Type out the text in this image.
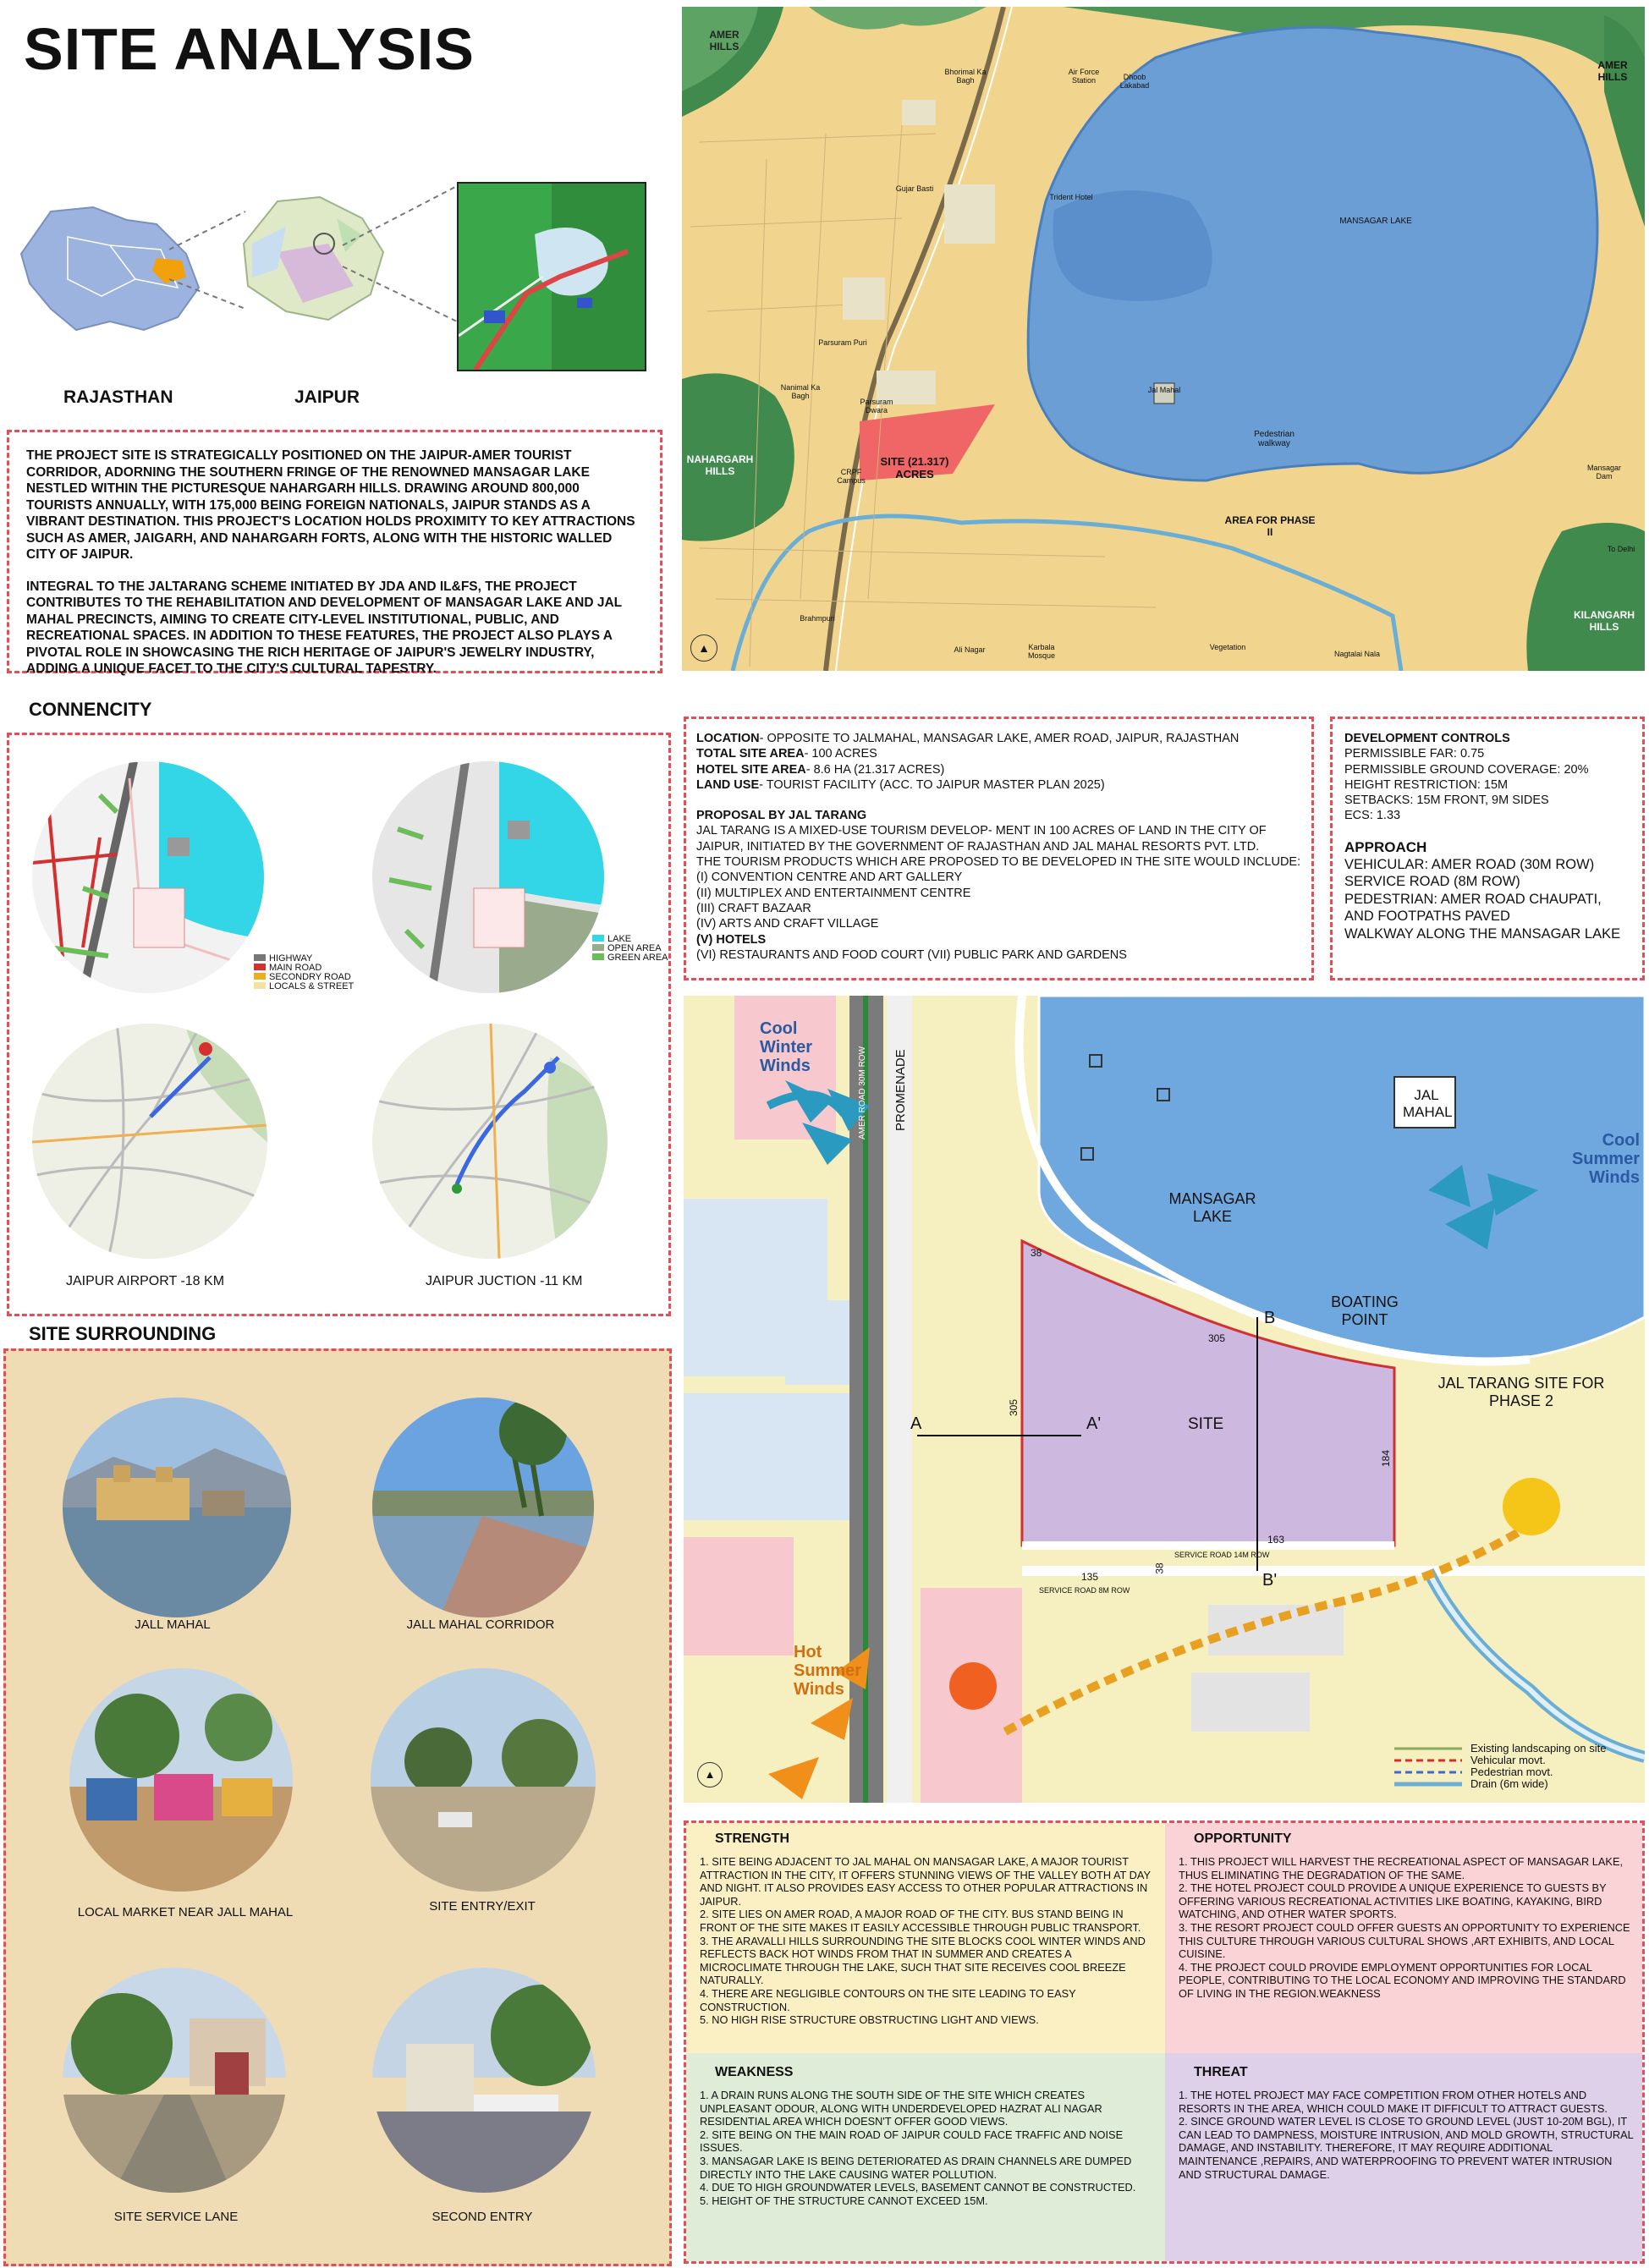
SITE ANALYSIS
RAJASTHAN	JAIPUR
THE PROJECT SITE IS STRATEGICALLY POSITIONED ON THE JAIPUR-AMER TOURIST CORRIDOR, ADORNING THE SOUTHERN FRINGE OF THE RENOWNED MANSAGAR LAKE NESTLED WITHIN THE PICTURESQUE NAHARGARH HILLS. DRAWING AROUND 800,000 TOURISTS ANNUALLY, WITH 175,000 BEING FOREIGN NATIONALS, JAIPUR STANDS AS A VIBRANT DESTINATION. THIS PROJECT'S LOCATION HOLDS PROXIMITY TO KEY ATTRACTIONS SUCH AS AMER, JAIGARH, AND NAHARGARH FORTS, ALONG WITH THE HISTORIC WALLED CITY OF JAIPUR.
INTEGRAL TO THE JALTARANG SCHEME INITIATED BY JDA AND IL&FS, THE PROJECT CONTRIBUTES TO THE REHABILITATION AND DEVELOPMENT OF MANSAGAR LAKE AND JAL MAHAL PRECINCTS, AIMING TO CREATE CITY-LEVEL INSTITUTIONAL, PUBLIC, AND RECREATIONAL SPACES. IN ADDITION TO THESE FEATURES, THE PROJECT ALSO PLAYS A PIVOTAL ROLE IN SHOWCASING THE RICH HERITAGE OF JAIPUR'S JEWELRY INDUSTRY, ADDING A UNIQUE FACET TO THE CITY'S CULTURAL TAPESTRY.
AMER HILLS
AMER HILLS
NAHARGARH HILLS
KILANGARH HILLS
MANSAGAR LAKE
Jal Mahal
SITE (21.317) ACRES
AREA FOR PHASE II
Pedestrian walkway
Bhorimal Ka Bagh
Air Force Station	Dhoob Lakabad
Gujar Basti
Trident Hotel
Parsuram Puri
Nanimal Ka Bagh
Parsuram Dwara
CRPF Campus
Brahmpuri
Ali Nagar	Karbala Mosque
Vegetation
Nagtalai Nala
Mansagar Dam
To Delhi
▲
CONNENCITY
HIGHWAY
MAIN ROAD
SECONDRY ROAD
LOCALS & STREET
LAKE
OPEN AREA
GREEN AREA
JAIPUR AIRPORT -18 KM	JAIPUR JUCTION -11 KM
SITE SURROUNDING
JALL MAHAL	JALL MAHAL CORRIDOR
LOCAL MARKET NEAR JALL MAHAL	SITE ENTRY/EXIT
SITE SERVICE LANE	SECOND ENTRY
LOCATION- OPPOSITE TO JALMAHAL, MANSAGAR LAKE, AMER ROAD, JAIPUR, RAJASTHAN
TOTAL SITE AREA- 100 ACRES
HOTEL SITE AREA- 8.6 HA (21.317 ACRES)
LAND USE- TOURIST FACILITY (ACC. TO JAIPUR MASTER PLAN 2025)
PROPOSAL BY JAL TARANG
JAL TARANG IS A MIXED-USE TOURISM DEVELOP- MENT IN 100 ACRES OF LAND IN THE CITY OF JAIPUR, INITIATED BY THE GOVERNMENT OF RAJASTHAN AND JAL MAHAL RESORTS PVT. LTD.
THE TOURISM PRODUCTS WHICH ARE PROPOSED TO BE DEVELOPED IN THE SITE WOULD INCLUDE:
(I) CONVENTION CENTRE AND ART GALLERY
(II) MULTIPLEX AND ENTERTAINMENT CENTRE
(III) CRAFT BAZAAR
(IV) ARTS AND CRAFT VILLAGE
(V) HOTELS
(VI) RESTAURANTS AND FOOD COURT (VII) PUBLIC PARK AND GARDENS
DEVELOPMENT CONTROLS
PERMISSIBLE FAR: 0.75
PERMISSIBLE GROUND COVERAGE: 20%
HEIGHT RESTRICTION: 15M
SETBACKS: 15M FRONT, 9M SIDES
ECS: 1.33
APPROACH
VEHICULAR: AMER ROAD (30M ROW)
SERVICE ROAD (8M ROW)
PEDESTRIAN: AMER ROAD CHAUPATI,
AND FOOTPATHS PAVED
WALKWAY ALONG THE MANSAGAR LAKE
Cool Winter Winds
Cool Summer Winds
Hot Summer Winds
JAL MAHAL
MANSAGAR LAKE
BOATING POINT
SITE
JAL TARANG SITE FOR PHASE 2
PROMENADE
AMER ROAD 30M ROW
SERVICE ROAD 14M ROW
SERVICE ROAD 8M ROW
305
305
184
163
135
38
38
A	A'
B
B'
▲
Existing landscaping on site
Vehicular movt.
Pedestrian movt.
Drain (6m wide)
STRENGTH
1. SITE BEING ADJACENT TO JAL MAHAL ON MANSAGAR LAKE, A MAJOR TOURIST ATTRACTION IN THE CITY, IT OFFERS STUNNING VIEWS OF THE VALLEY BOTH AT DAY AND NIGHT. IT ALSO PROVIDES EASY ACCESS TO OTHER POPULAR ATTRACTIONS IN JAIPUR.
2. SITE LIES ON AMER ROAD, A MAJOR ROAD OF THE CITY. BUS STAND BEING IN FRONT OF THE SITE MAKES IT EASILY ACCESSIBLE THROUGH PUBLIC TRANSPORT.
3. THE ARAVALLI HILLS SURROUNDING THE SITE BLOCKS COOL WINTER WINDS AND REFLECTS BACK HOT WINDS FROM THAT IN SUMMER AND CREATES A MICROCLIMATE THROUGH THE LAKE, SUCH THAT SITE RECEIVES COOL BREEZE NATURALLY.
4. THERE ARE NEGLIGIBLE CONTOURS ON THE SITE LEADING TO EASY CONSTRUCTION.
5. NO HIGH RISE STRUCTURE OBSTRUCTING LIGHT AND VIEWS.
OPPORTUNITY
1. THIS PROJECT WILL HARVEST THE RECREATIONAL ASPECT OF MANSAGAR LAKE, THUS ELIMINATING THE DEGRADATION OF THE SAME.
2. THE HOTEL PROJECT COULD PROVIDE A UNIQUE EXPERIENCE TO GUESTS BY OFFERING VARIOUS RECREATIONAL ACTIVITIES LIKE BOATING, KAYAKING, BIRD WATCHING, AND OTHER WATER SPORTS.
3. THE RESORT PROJECT COULD OFFER GUESTS AN OPPORTUNITY TO EXPERIENCE THIS CULTURE THROUGH VARIOUS CULTURAL SHOWS ,ART EXHIBITS, AND LOCAL CUISINE.
4. THE PROJECT COULD PROVIDE EMPLOYMENT OPPORTUNITIES FOR LOCAL PEOPLE, CONTRIBUTING TO THE LOCAL ECONOMY AND IMPROVING THE STANDARD OF LIVING IN THE REGION.WEAKNESS
WEAKNESS
1. A DRAIN RUNS ALONG THE SOUTH SIDE OF THE SITE WHICH CREATES UNPLEASANT ODOUR, ALONG WITH UNDERDEVELOPED HAZRAT ALI NAGAR RESIDENTIAL AREA WHICH DOESN'T OFFER GOOD VIEWS.
2. SITE BEING ON THE MAIN ROAD OF JAIPUR COULD FACE TRAFFIC AND NOISE ISSUES.
3. MANSAGAR LAKE IS BEING DETERIORATED AS DRAIN CHANNELS ARE DUMPED DIRECTLY INTO THE LAKE CAUSING WATER POLLUTION.
4. DUE TO HIGH GROUNDWATER LEVELS, BASEMENT CANNOT BE CONSTRUCTED.
5. HEIGHT OF THE STRUCTURE CANNOT EXCEED 15M.
THREAT
1. THE HOTEL PROJECT MAY FACE COMPETITION FROM OTHER HOTELS AND RESORTS IN THE AREA, WHICH COULD MAKE IT DIFFICULT TO ATTRACT GUESTS.
2. SINCE GROUND WATER LEVEL IS CLOSE TO GROUND LEVEL (JUST 10-20M BGL), IT CAN LEAD TO DAMPNESS, MOISTURE INTRUSION, AND MOLD GROWTH, STRUCTURAL DAMAGE, AND INSTABILITY. THEREFORE, IT MAY REQUIRE ADDITIONAL MAINTENANCE ,REPAIRS, AND WATERPROOFING TO PREVENT WATER INTRUSION AND STRUCTURAL DAMAGE.
